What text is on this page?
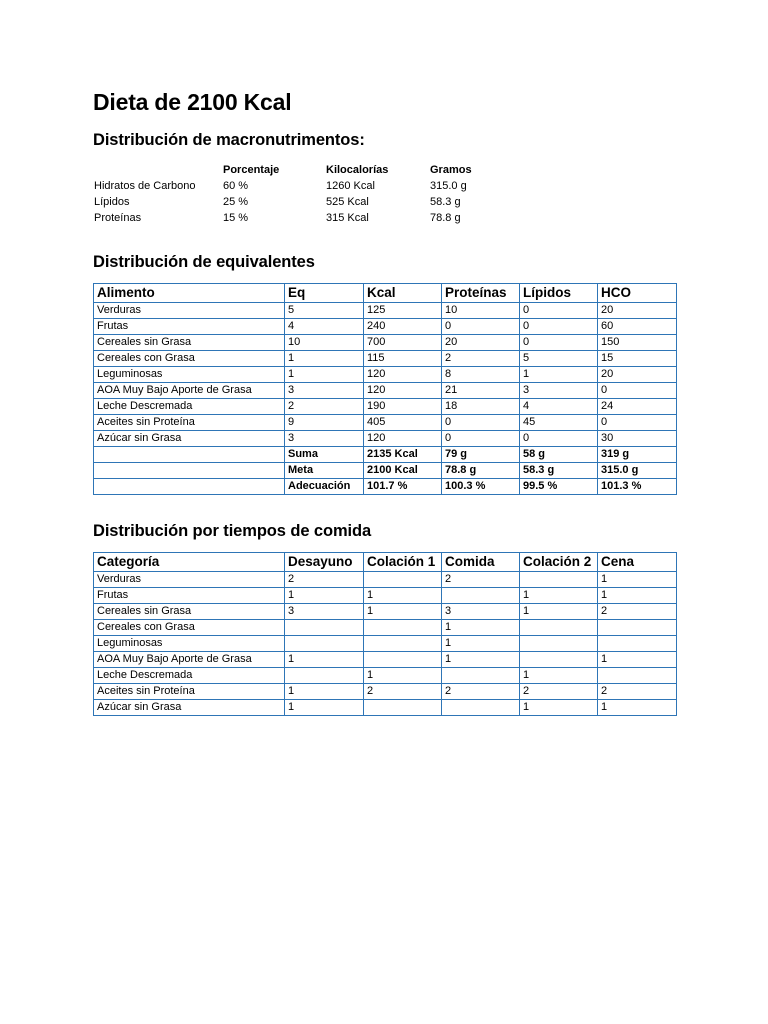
Dieta de 2100 Kcal
Distribución de macronutrimentos:
Porcentaje	Kilocalorías	Gramos
Hidratos de Carbono 60 %	1260 Kcal	315.0 g
Lípidos	25 %	525 Kcal	58.3 g
Proteínas	15 %	315 Kcal	78.8 g
Distribución de equivalentes
Alimento	Eq	Kcal	Proteínas	Lípidos	HCO
Verduras	5	125	10	0	20
Frutas	4	240	0	0	60
Cereales sin Grasa	10	700	20	0	150
Cereales con Grasa	1	115	2	5	15
Leguminosas	1	120	8	1	20
AOA Muy Bajo Aporte de Grasa	3	120	21	3	0
Leche Descremada	2	190	18	4	24
Aceites sin Proteína	9	405	0	45	0
Azúcar sin Grasa	3	120	0	0	30
	Suma	2135 Kcal	79 g	58 g	319 g
	Meta	2100 Kcal	78.8 g	58.3 g	315.0 g
	Adecuación	101.7 %	100.3 %	99.5 %	101.3 %
Distribución por tiempos de comida
Categoría	Desayuno	Colación 1	Comida	Colación 2	Cena
Verduras	2		2		1
Frutas	1	1		1	1
Cereales sin Grasa	3	1	3	1	2
Cereales con Grasa			1		
Leguminosas			1		
AOA Muy Bajo Aporte de Grasa	1		1		1
Leche Descremada		1		1	
Aceites sin Proteína	1	2	2	2	2
Azúcar sin Grasa	1			1	1
